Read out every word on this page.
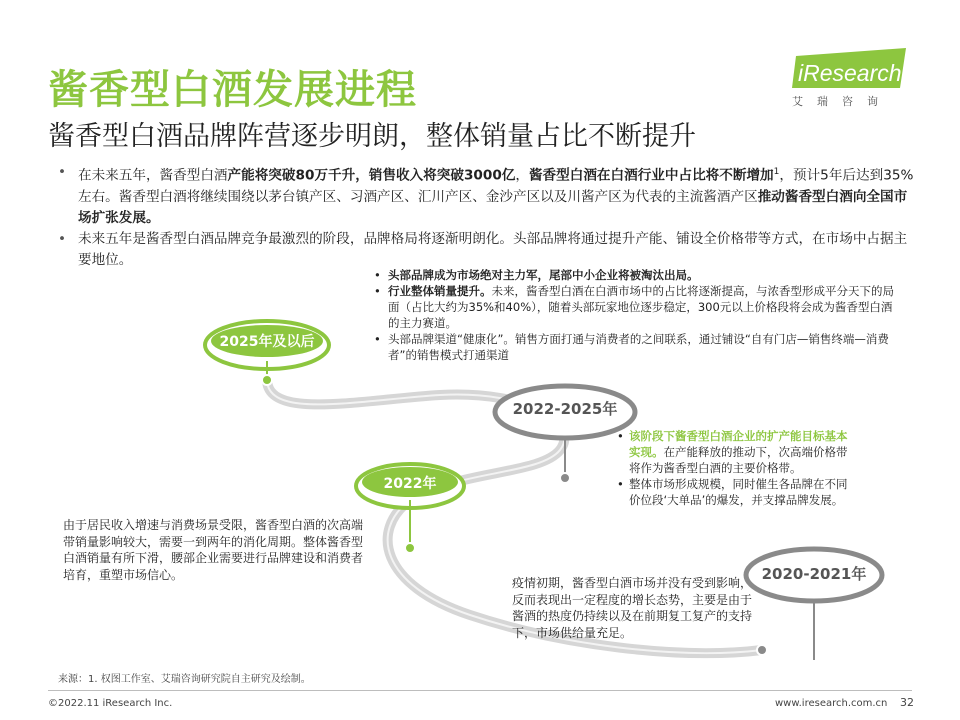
酱香型白酒发展进程
酱香型白酒品牌阵营逐步明朗，整体销量占比不断提升
iResearch
艾瑞咨询
• 在未来五年，酱香型白酒产能将突破80万千升，销售收入将突破3000亿，酱香型白酒在白酒行业中占比将不断增加$^1$，预计5年后达到35%左右。酱香型白酒将继续围绕以茅台镇产区、习酒产区、汇川产区、金沙产区以及川酱产区为代表的主流酱酒产区推动酱香型白酒向全国市场扩张发展。
• 未来五年是酱香型白酒品牌竞争最激烈的阶段，品牌格局将逐渐明朗化。头部品牌将通过提升产能、铺设全价格带等方式，在市场中占据主要地位。
2025年及以后
2022-2025年
2022年
2020-2021年
• 头部品牌成为市场绝对主力军，尾部中小企业将被淘汰出局。
• 行业整体销量提升。未来，酱香型白酒在白酒市场中的占比将逐渐提高，与浓香型形成平分天下的局面（占比大约为35%和40%），随着头部玩家地位逐步稳定，300元以上价格段将会成为酱香型白酒的主力赛道。
• 头部品牌渠道“健康化”。销售方面打通与消费者的之间联系，通过铺设“自有门店—销售终端—消费者”的销售模式打通渠道
• 该阶段下酱香型白酒企业的扩产能目标基本实现。在产能释放的推动下，次高端价格带将作为酱香型白酒的主要价格带。
• 整体市场形成规模，同时催生各品牌在不同价位段‘大单品’的爆发，并支撑品牌发展。
由于居民收入增速与消费场景受限，酱香型白酒的次高端带销量影响较大，需要一到两年的消化周期。整体酱香型白酒销量有所下滑，腰部企业需要进行品牌建设和消费者培育，重塑市场信心。
疫情初期，酱香型白酒市场并没有受到影响，反而表现出一定程度的增长态势，主要是由于酱酒的热度仍持续以及在前期复工复产的支持下，市场供给量充足。
来源：1. 权图工作室、艾瑞咨询研究院自主研究及绘制。
©2022.11 iResearch Inc.	www.iresearch.com.cn 32
